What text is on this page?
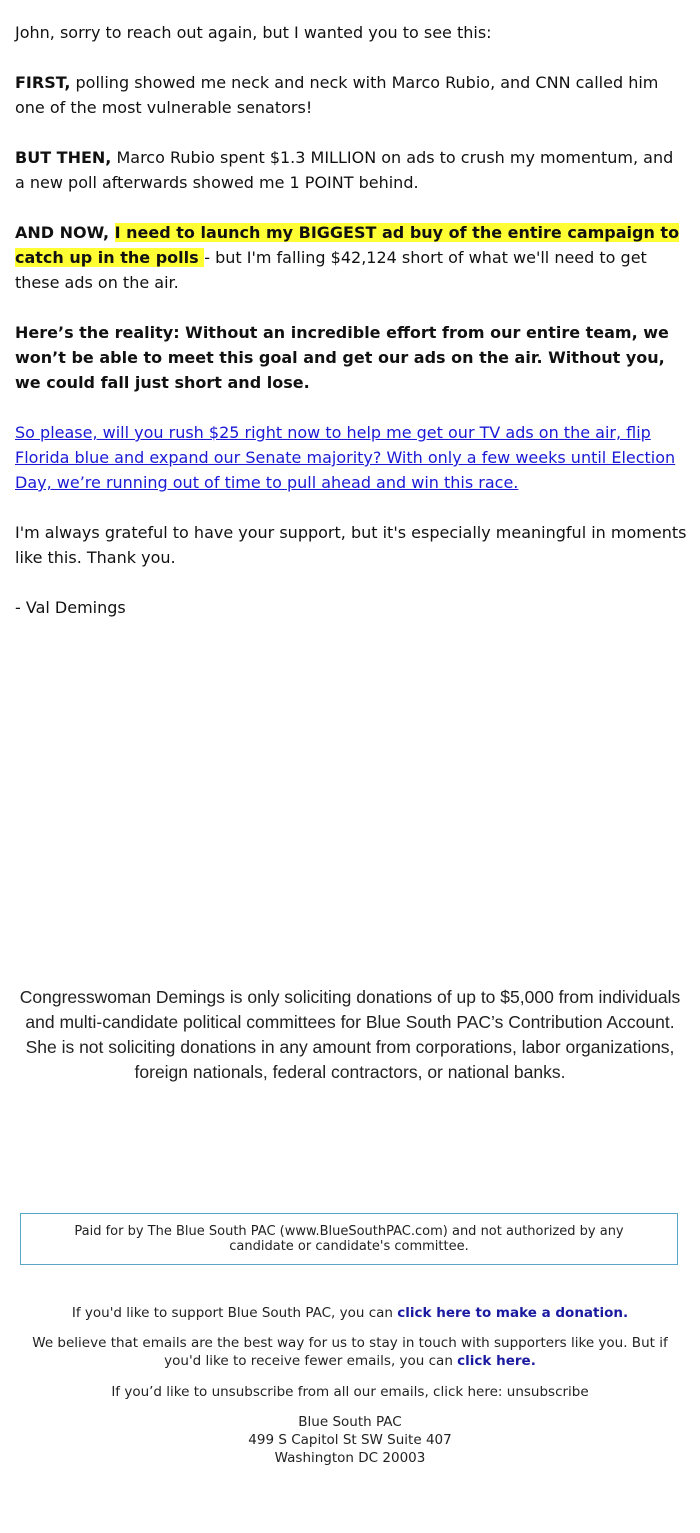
John, sorry to reach out again, but I wanted you to see this:

FIRST, polling showed me neck and neck with Marco Rubio, and CNN called him one of the most vulnerable senators!

BUT THEN, Marco Rubio spent $1.3 MILLION on ads to crush my momentum, and a new poll afterwards showed me 1 POINT behind.

AND NOW, I need to launch my BIGGEST ad buy of the entire campaign to catch up in the polls - but I'm falling $42,124 short of what we'll need to get these ads on the air.

Here’s the reality: Without an incredible effort from our entire team, we won’t be able to meet this goal and get our ads on the air. Without you, we could fall just short and lose.

So please, will you rush $25 right now to help me get our TV ads on the air, flip Florida blue and expand our Senate majority? With only a few weeks until Election Day, we’re running out of time to pull ahead and win this race.

I'm always grateful to have your support, but it's especially meaningful in moments like this. Thank you.

- Val Demings

Congresswoman Demings is only soliciting donations of up to $5,000 from individuals and multi-candidate political committees for Blue South PAC’s Contribution Account. She is not soliciting donations in any amount from corporations, labor organizations, foreign nationals, federal contractors, or national banks.
Paid for by The Blue South PAC (www.BlueSouthPAC.com) and not authorized by any candidate or candidate's committee.
If you'd like to support Blue South PAC, you can click here to make a donation.
We believe that emails are the best way for us to stay in touch with supporters like you. But if you'd like to receive fewer emails, you can click here.
If you’d like to unsubscribe from all our emails, click here: unsubscribe
Blue South PAC
499 S Capitol St SW Suite 407
Washington DC 20003
